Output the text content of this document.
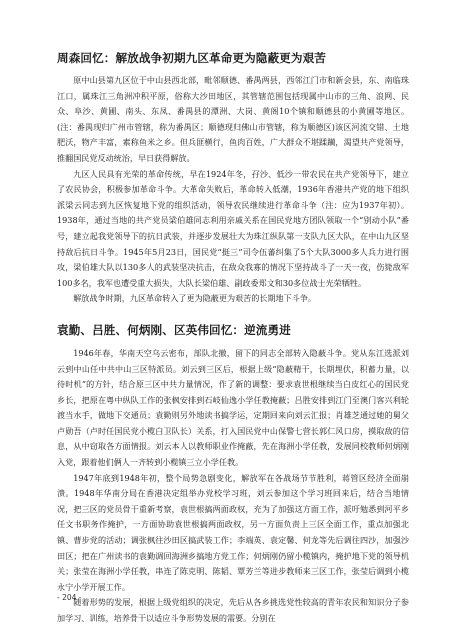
周森回忆：解放战争初期九区革命更为隐蔽更为艰苦

原中山县第九区位于中山县西北部，毗邻顺德、番禺两县，西邻江门市和新会县，东、南临珠江口，属珠江三角洲冲积平原，俗称大沙田地区，其管辖范围包括现属中山市的三角、浪网、民众、阜沙、黄圃、南头、东凤、番禺县的潭洲、大岗、黄阁10个镇和顺德县的小黄圃等地区。(注：番禺现归广州市管辖，称为番禺区；顺德现归佛山市管辖，称为顺德区)该区河流交错、土地肥沃，物产丰富，素称鱼米之乡。但兵匪横行，鱼肉百姓，广大群众不堪蹂躏，渴望共产党领导，推翻国民党反动统治，早日获得解放。

九区人民具有光荣的革命传统，早在1924年冬，孖沙、低沙一带农民在共产党领导下，建立了农民协会，积极参加革命斗争。大革命失败后，革命转入低潮，1936年香港共产党的地下组织派梁云同志到九区恢复地下党的组织活动，领导农民继续进行革命斗争（注：应为1937年初）。1938年，通过当地的共产党员梁伯雄同志利用亲戚关系在国民党地方团队领取一个“别动小队”番号，建立起我党领导下的抗日武装，并逐步发展壮大为珠江纵队第一支队九区大队，在中山九区坚持敌后抗日斗争。1945年5月23日，国民党“挺三”司令伍蕃纠集了5个大队3000多人兵力进行围攻，梁伯雄大队以130多人的武装坚决抗击，在敌众我寡的情况下坚持战斗了一天一夜，伤毙敌军100多名，我军也遭受重大损失，大队长梁伯雄、副政委郑文和30多位战士光荣牺牲。

解放战争时期，九区革命转入了更为隐蔽更为艰苦的长期地下斗争。

袁勤、吕胜、何炳刚、区英伟回忆：逆流勇进

1946年春，华南天空乌云密布，部队北撤，留下的同志全部转入隐蔽斗争。党从东江选派刘云到中山任中共中山三区特派员。刘云到三区后，根据上级“隐蔽精干，长期埋伏，积蓄力量，以待时机”的方针，结合原三区中共力量情况，作了新的调整：要求袁世根继续当白皮红心的国民党乡长，把原在粤中纵队工作的张枫安排到石岐仙逸小学任教掩蔽；吕胜安排到江门至澳门客兴利轮渡当水手，做地下交通员；袁勤则另外地读书搞学运，定期回来向刘云汇报；肖雄芝通过她的舅父卢勋吾（卢时任国民党小榄白卫队长）关系，打入国民党中山保警七营长郭仁风口房，摸取敌的信息，从中窃取各方面情报。刘云本人以教师职业作掩蔽，先在海洲小学任教，发展同校教师何炳刚入党，跟着他们俩人一齐转到小榄镇三立小学任教。

1947年底到1948年初，整个局势急剧变化，解放军在各战场节节胜利，蒋管区经济全面崩溃。1948年华南分局在香港决定组举办党校学习班，刘云参加这个学习班回来后，结合当地情况，把三区的党员骨干重新考察，袁世根搞两面政权，充为了加强这方面工作，派吁勉悉到河平乡任文书职务作掩护，一方面协助袁世根搞两面政权，另一方面负责上三区全面工作，重点加强北镇、曹步党的活动；调张枫往沙田区搞武装工作；李端英、袁定馨、何龙等先后调往四沙，加强沙田区；把在广州读书的袁勤调回海洲乡搞地方党工作；何炳刚仍留小榄镇内，掩护地下党的领导机关；张莹在海洲小学任教，串连了陈克明、陈韬、覃芳兰等进步教师来三区工作，张莹后调到小榄永宁小学开展工作。

随着形势的发展，根据上级党组织的决定，先后从各乡挑选党性较高的青年农民和知识分子参加学习、训练，培养骨干以适应斗争形势发展的需要。分别在

- 204 -
